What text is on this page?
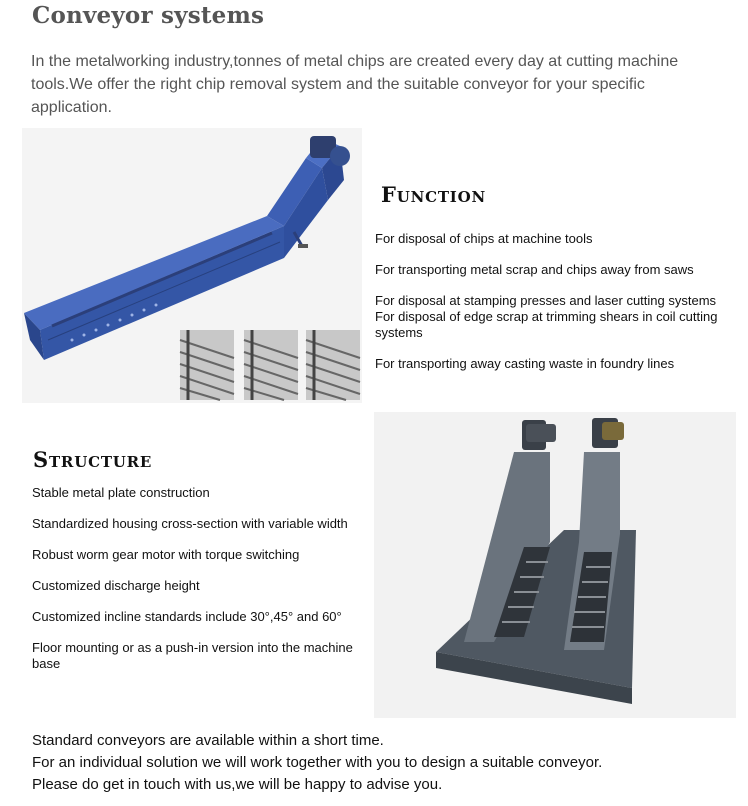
Conveyor systems

In the metalworking industry,tonnes of metal chips are created every day at cutting machine tools.We offer the right chip removal system and the suitable conveyor for your specific application.

Function
For disposal of chips at machine tools
For transporting metal scrap and chips away from saws
For disposal at stamping presses and laser cutting systems
For disposal of edge scrap at trimming shears in coil cutting systems
For transporting away casting waste in foundry lines
Structure
Stable metal plate construction
Standardized housing cross-section with variable width
Robust worm gear motor with torque switching
Customized discharge height
Customized incline standards include 30°,45° and 60°
Floor mounting or as a push-in version into the machine base

Standard conveyors are available within a short time.

For an individual solution we will work together with you to design a suitable conveyor.

Please do get in touch with us,we will be happy to advise you.
